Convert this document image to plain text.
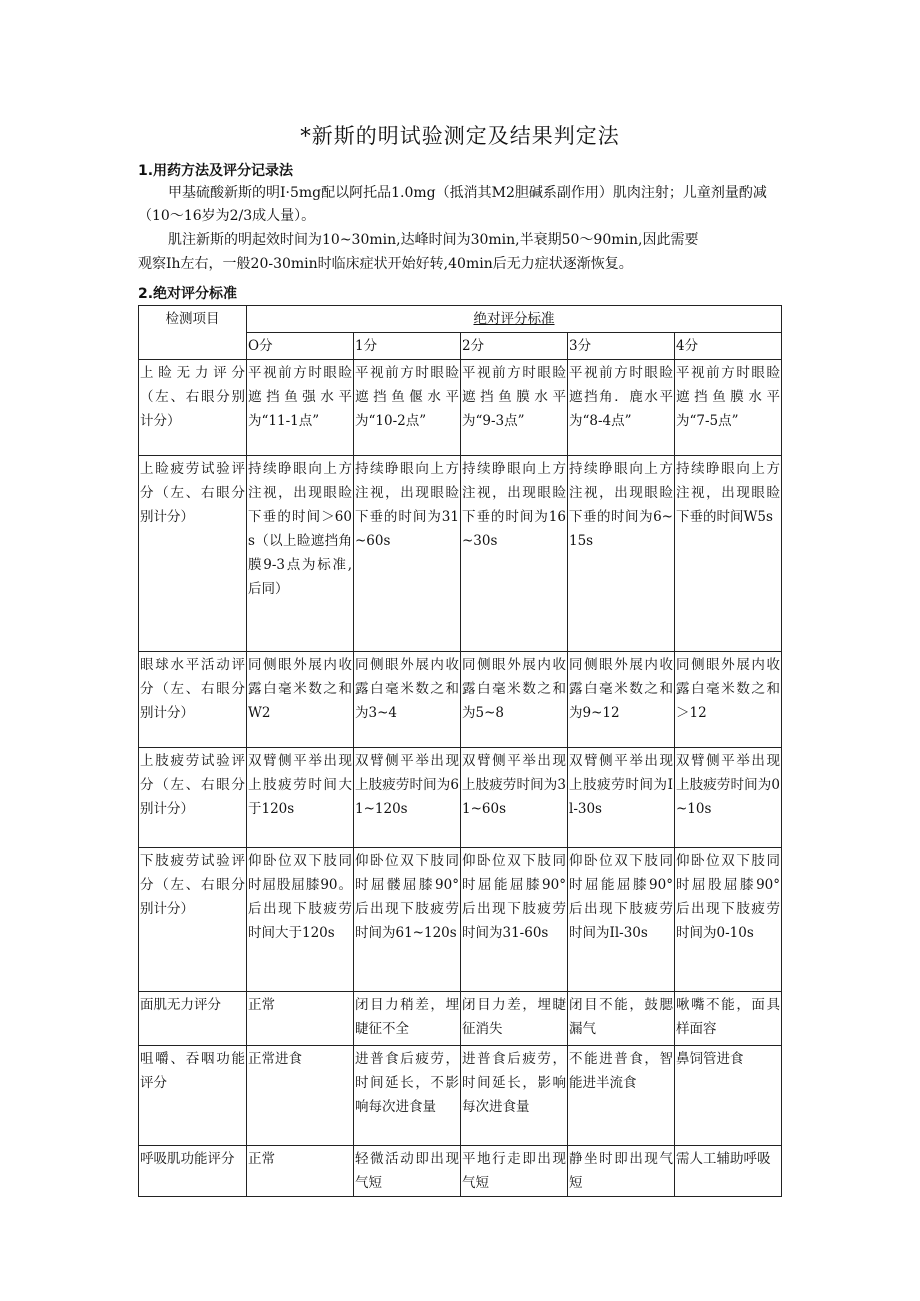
*新斯的明试验测定及结果判定法
1.用药方法及评分记录法
甲基硫酸新斯的明I·5mg配以阿托品1.0mg（抵消其M2胆碱系副作用）肌肉注射；儿童剂量酌减（10～16岁为2/3成人量）。
肌注新斯的明起效时间为10~30min,达峰时间为30min,半衰期50～90min,因此需要
观察Ih左右，一般20-30min时临床症状开始好转,40min后无力症状逐渐恢复。
2.绝对评分标准
检测项目	绝对评分标准				
	O分	1分	2分	3分	4分
上睑无力评分（左、右眼分别计分）	平视前方时眼睑遮挡鱼强水平为“11-1点”	平视前方时眼睑遮挡鱼偃水平为“10-2点”	平视前方时眼睑遮挡鱼膜水平为“9-3点”	平视前方时眼睑遮挡角．鹿水平为“8-4点”	平视前方时眼睑遮挡鱼膜水平为“7-5点”
上睑疲劳试验评分（左、右眼分别计分）	持续睁眼向上方注视，出现眼睑下垂的时间＞60s（以上睑遮挡角膜9-3点为标准,后同）	持续睁眼向上方注视，出现眼睑下垂的时间为31~60s	持续睁眼向上方注视，出现眼睑下垂的时间为16~30s	持续睁眼向上方注视，出现眼睑下垂的时间为6~15s	持续睁眼向上方注视，出现眼睑下垂的时间W5s
眼球水平活动评分（左、右眼分别计分）	同侧眼外展内收露白毫米数之和W2	同侧眼外展内收露白毫米数之和为3~4	同侧眼外展内收露白毫米数之和为5~8	同侧眼外展内收露白毫米数之和为9~12	同侧眼外展内收露白毫米数之和＞12
上肢疲劳试验评分（左、右眼分别计分）	双臂侧平举出现上肢疲劳时间大于120s	双臂侧平举出现上肢疲劳时间为61~120s	双臂侧平举出现上肢疲劳时间为31~60s	双臂侧平举出现上肢疲劳时间为Il-30s	双臂侧平举出现上肢疲劳时间为0~10s
下肢疲劳试验评分（左、右眼分别计分）	仰卧位双下肢同时屈股屈膝90。后出现下肢疲劳时间大于120s	仰卧位双下肢同时屈髅屈膝90°后出现下肢疲劳时间为61~120s	仰卧位双下肢同时屈能屈膝90°后出现下肢疲劳时间为31-60s	仰卧位双下肢同时屈能屈膝90°后出现下肢疲劳时间为Il-30s	仰卧位双下肢同时屈股屈膝90°后出现下肢疲劳时间为0-10s
面肌无力评分	正常	闭目力稍差，埋睫征不全	闭目力差，埋睫征消失	闭目不能，鼓腮漏气	啾嘴不能，面具样面容
咀嚼、吞咽功能评分	正常进食	进普食后疲劳，时间延长，不影响每次进食量	进普食后疲劳，时间延长，影响每次进食量	不能进普食，智能进半流食	鼻饲管进食
呼吸肌功能评分	正常	轻微活动即出现气短	平地行走即出现气短	静坐时即出现气短	需人工辅助呼吸
